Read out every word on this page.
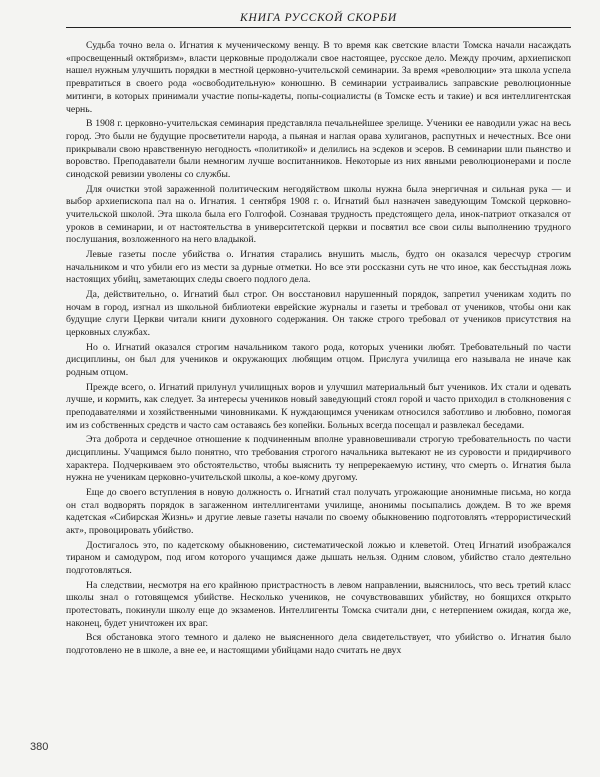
КНИГА РУССКОЙ СКОРБИ

Судьба точно вела о. Игнатия к мученическому венцу. В то время как светские власти Томска начали насаждать «просвещенный октябризм», власти церковные продолжали свое настоящее, русское дело. Между прочим, архиепископ нашел нужным улучшить порядки в местной церковно-учительской семинарии. За время «революции» эта школа успела превратиться в своего рода «освободительную» конюшню. В семинарии устраивались заправские революционные митинги, в которых принимали участие попы-кадеты, попы-социалисты (в Томске есть и такие) и вся интеллигентская чернь.

В 1908 г. церковно-учительская семинария представляла печальнейшее зрелище. Ученики ее наводили ужас на весь город. Это были не будущие просветители народа, а пьяная и наглая орава хулиганов, распутных и нечестных. Все они прикрывали свою нравственную негодность «политикой» и делились на эсдеков и эсеров. В семинарии шли пьянство и воровство. Преподаватели были немногим лучше воспитанников. Некоторые из них явными революционерами и после синодской ревизии уволены со службы.

Для очистки этой зараженной политическим негодяйством школы нужна была энергичная и сильная рука — и выбор архиепископа пал на о. Игнатия. 1 сентября 1908 г. о. Игнатий был назначен заведующим Томской церковно-учительской школой. Эта школа была его Голгофой. Сознавая трудность предстоящего дела, инок-патриот отказался от уроков в семинарии, и от настоятельства в университетской церкви и посвятил все свои силы выполнению трудного послушания, возложенного на него владыкой.

Левые газеты после убийства о. Игнатия старались внушить мысль, будто он оказался чересчур строгим начальником и что убили его из мести за дурные отметки. Но все эти россказни суть не что иное, как бесстыдная ложь настоящих убийц, заметающих следы своего подлого дела.

Да, действительно, о. Игнатий был строг. Он восстановил нарушенный порядок, запретил ученикам ходить по ночам в город, изгнал из школьной библиотеки еврейские журналы и газеты и требовал от учеников, чтобы они как будущие слуги Церкви читали книги духовного содержания. Он также строго требовал от учеников присутствия на церковных службах.

Но о. Игнатий оказался строгим начальником такого рода, которых ученики любят. Требовательный по части дисциплины, он был для учеников и окружающих любящим отцом. Прислуга училища его называла не иначе как родным отцом.

Прежде всего, о. Игнатий прилунул училищных воров и улучшил материальный быт учеников. Их стали и одевать лучше, и кормить, как следует. За интересы учеников новый заведующий стоял горой и часто приходил в столкновения с преподавателями и хозяйственными чиновниками. К нуждающимся ученикам относился заботливо и любовно, помогая им из собственных средств и часто сам оставаясь без копейки. Больных всегда посещал и развлекал беседами.

Эта доброта и сердечное отношение к подчиненным вполне уравновешивали строгую требовательность по части дисциплины. Учащимся было понятно, что требования строгого начальника вытекают не из суровости и придирчивого характера. Подчеркиваем это обстоятельство, чтобы выяснить ту непререкаемую истину, что смерть о. Игнатия была нужна не ученикам церковно-учительской школы, а кое-кому другому.

Еще до своего вступления в новую должность о. Игнатий стал получать угрожающие анонимные письма, но когда он стал водворять порядок в загаженном интеллигентами училище, анонимы посыпались дождем. В то же время кадетская «Сибирская Жизнь» и другие левые газеты начали по своему обыкновению подготовлять «террористический акт», провоцировать убийство.

Достигалось это, по кадетскому обыкновению, систематической ложью и клеветой. Отец Игнатий изображался тираном и самодуром, под игом которого учащимся даже дышать нельзя. Одним словом, убийство стало деятельно подготовляться.

На следствии, несмотря на его крайнюю пристрастность в левом направлении, выяснилось, что весь третий класс школы знал о готовящемся убийстве. Несколько учеников, не сочувствовавших убийству, но боящихся открыто протестовать, покинули школу еще до экзаменов. Интеллигенты Томска считали дни, с нетерпением ожидая, когда же, наконец, будет уничтожен их враг.

Вся обстановка этого темного и далеко не выясненного дела свидетельствует, что убийство о. Игнатия было подготовлено не в школе, а вне ее, и настоящими убийцами надо считать не двух

380
